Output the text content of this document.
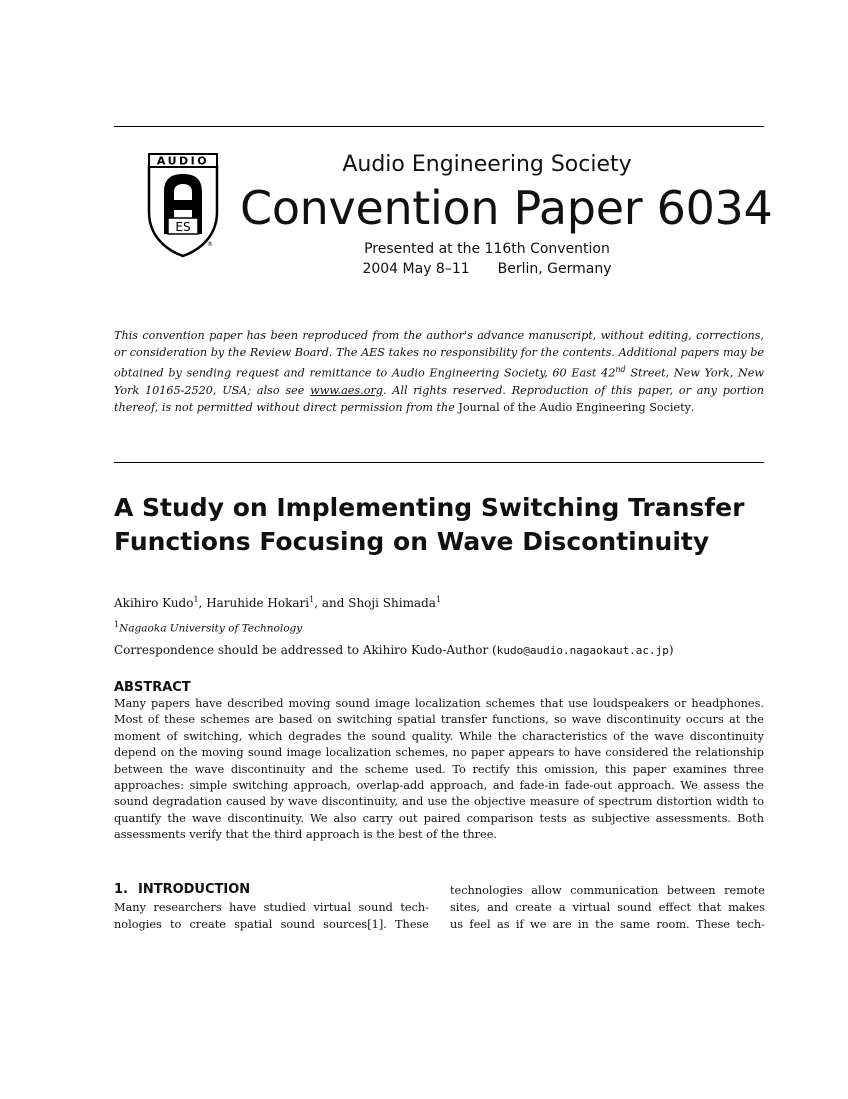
AUDIO
ES
®
Audio Engineering Society
Convention Paper 6034
Presented at the 116th Convention
2004 May 8–11 Berlin, Germany
This convention paper has been reproduced from the author's advance manuscript, without editing, corrections, or consideration by the Review Board. The AES takes no responsibility for the contents. Additional papers may be obtained by sending request and remittance to Audio Engineering Society, 60 East 42nd Street, New York, New York 10165-2520, USA; also see www.aes.org. All rights reserved. Reproduction of this paper, or any portion thereof, is not permitted without direct permission from the Journal of the Audio Engineering Society.
A Study on Implementing Switching Transfer
Functions Focusing on Wave Discontinuity
Akihiro Kudo$^1$, Haruhide Hokari$^1$, and Shoji Shimada$^1$
$^1$Nagaoka University of Technology
Correspondence should be addressed to Akihiro Kudo-Author (kudo@audio.nagaokaut.ac.jp)
ABSTRACT
Many papers have described moving sound image localization schemes that use loudspeakers or headphones. Most of these schemes are based on switching spatial transfer functions, so wave discontinuity occurs at the moment of switching, which degrades the sound quality. While the characteristics of the wave discontinuity depend on the moving sound image localization schemes, no paper appears to have considered the relationship between the wave discontinuity and the scheme used. To rectify this omission, this paper examines three approaches: simple switching approach, overlap-add approach, and fade-in fade-out approach. We assess the sound degradation caused by wave discontinuity, and use the objective measure of spectrum distortion width to quantify the wave discontinuity. We also carry out paired comparison tests as subjective assessments. Both assessments verify that the third approach is the best of the three.
1. INTRODUCTION
Many researchers have studied virtual sound tech-
nologies to create spatial sound sources[1]. These
technologies allow communication between remote
sites, and create a virtual sound effect that makes
us feel as if we are in the same room. These tech-
